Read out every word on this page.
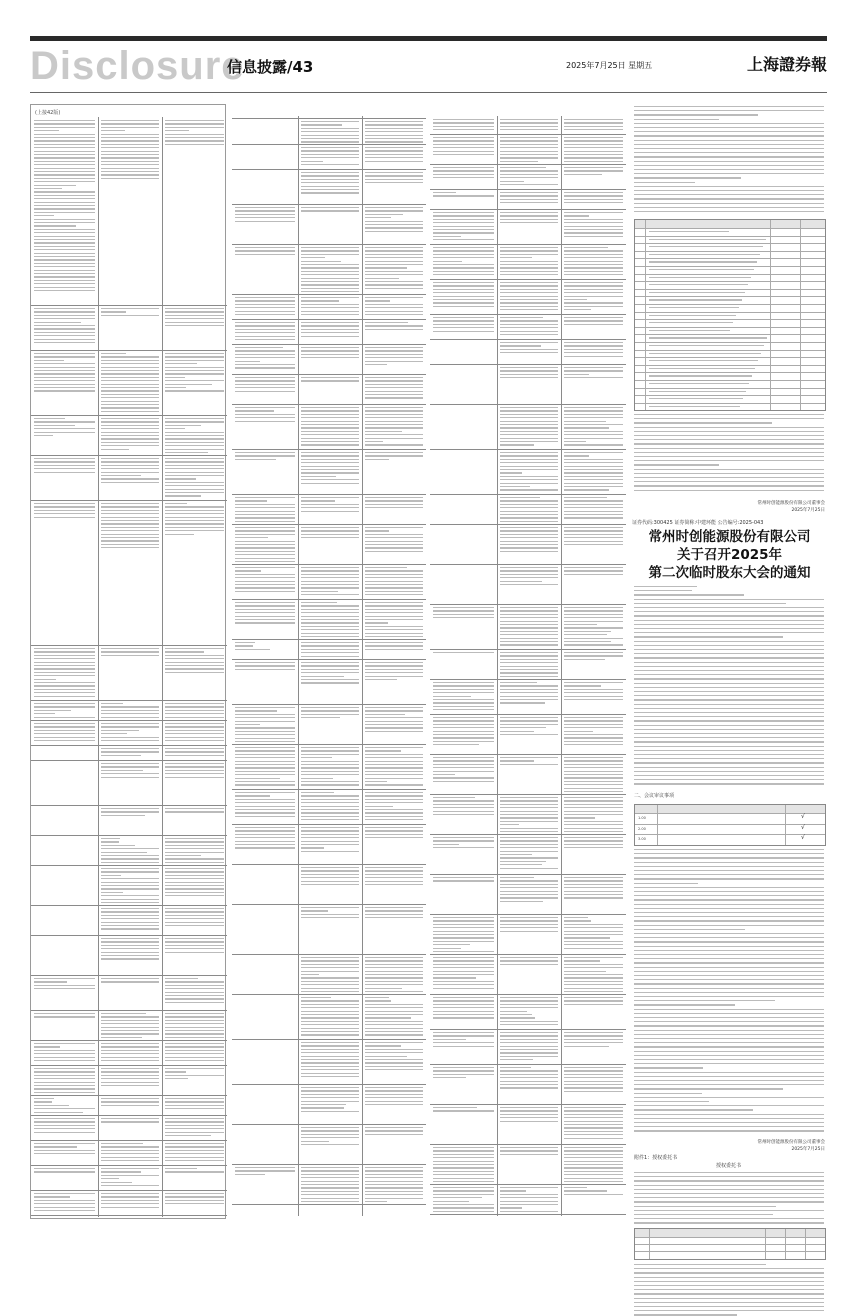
Disclosure
信息披露/43	2025年7月25日 星期五	上海證券報
(上接42版)
常州时创能源股份有限公司董事会
2025年7月25日
证券代码:300425 证券简称:中建环能 公告编号:2025-043
常州时创能源股份有限公司
关于召开2025年
第二次临时股东大会的通知
二、会议审议事项
1.00
2.00
3.00
√
√
√
常州时创能源股份有限公司董事会
2025年7月25日
附件1：授权委托书
授权委托书
